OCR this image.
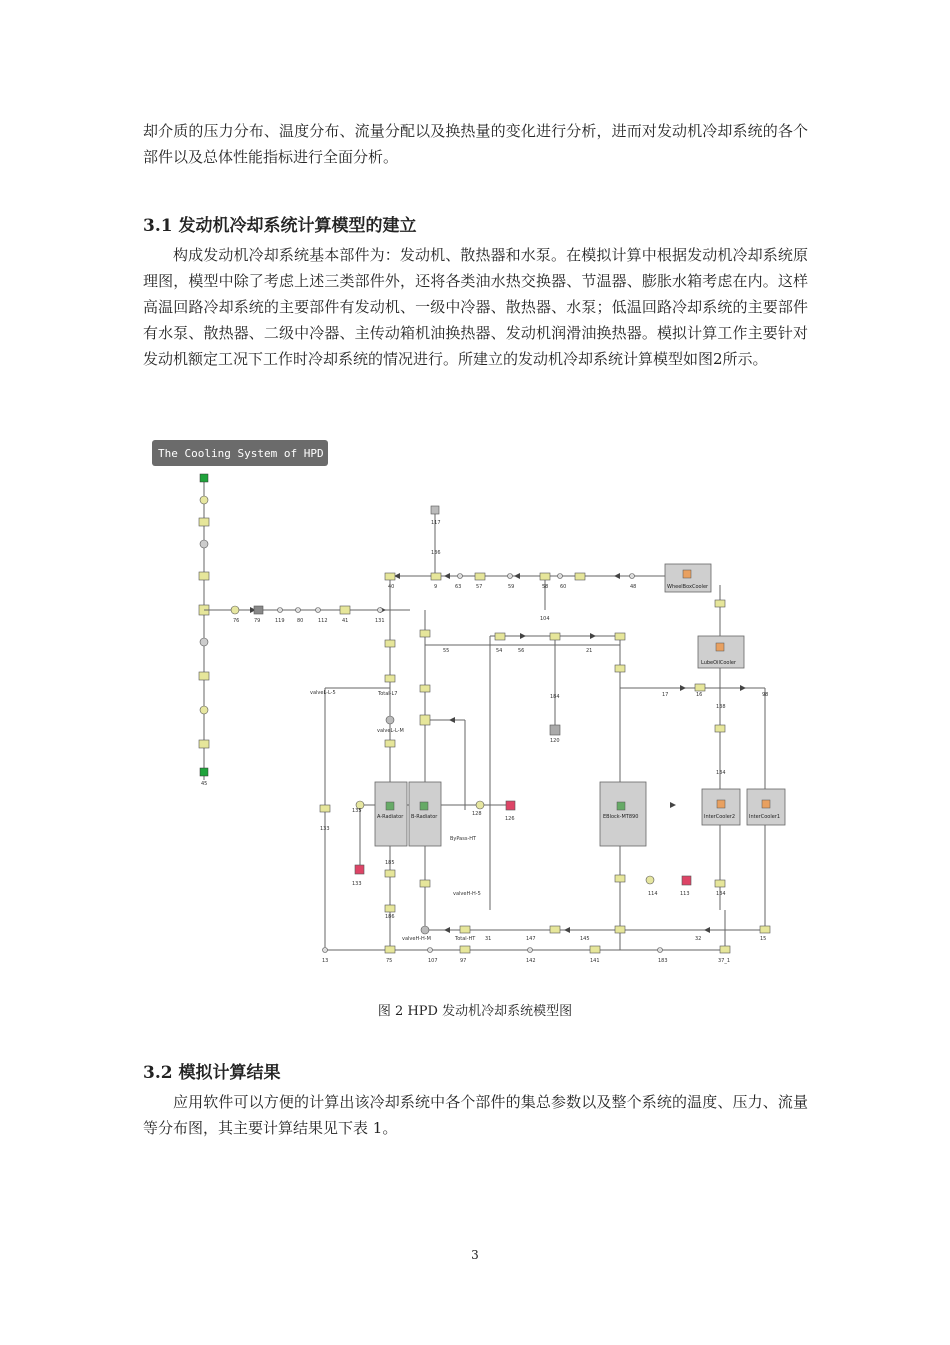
却介质的压力分布、温度分布、流量分配以及换热量的变化进行分析，进而对发动机冷却系统的各个部件以及总体性能指标进行全面分析。

3.1 发动机冷却系统计算模型的建立

构成发动机冷却系统基本部件为：发动机、散热器和水泵。在模拟计算中根据发动机冷却系统原理图，模型中除了考虑上述三类部件外，还将各类油水热交换器、节温器、膨胀水箱考虑在内。这样高温回路冷却系统的主要部件有发动机、一级中冷器、散热器、水泵；低温回路冷却系统的主要部件有水泵、散热器、二级中冷器、主传动箱机油换热器、发动机润滑油换热器。模拟计算工作主要针对发动机额定工况下工作时冷却系统的情况进行。所建立的发动机冷却系统计算模型如图2所示。

The Cooling System of HPD
45
WheelBoxCooler
LubeOilCooler
A-Radiator B-Radiator	EBlock-MT890	InterCooler2	InterCooler1
117
136
40	9	63	57	59	58 60	48
76	79	119 80	112	41	131	104
55	54	56	21
184
120
17	16
138
98
134
133
135	128
126
133
185
186
114	113
15
134
13	75	107	97	142	141	183	37_1
31	147	145	32
valveL-L-5
valveL-L-M
valveH-H-M
valveH-H-5
Total-L7
Total-HT
ByPass-HT
图 2 HPD 发动机冷却系统模型图
3.2 模拟计算结果

应用软件可以方便的计算出该冷却系统中各个部件的集总参数以及整个系统的温度、压力、流量等分布图，其主要计算结果见下表 1。

3
